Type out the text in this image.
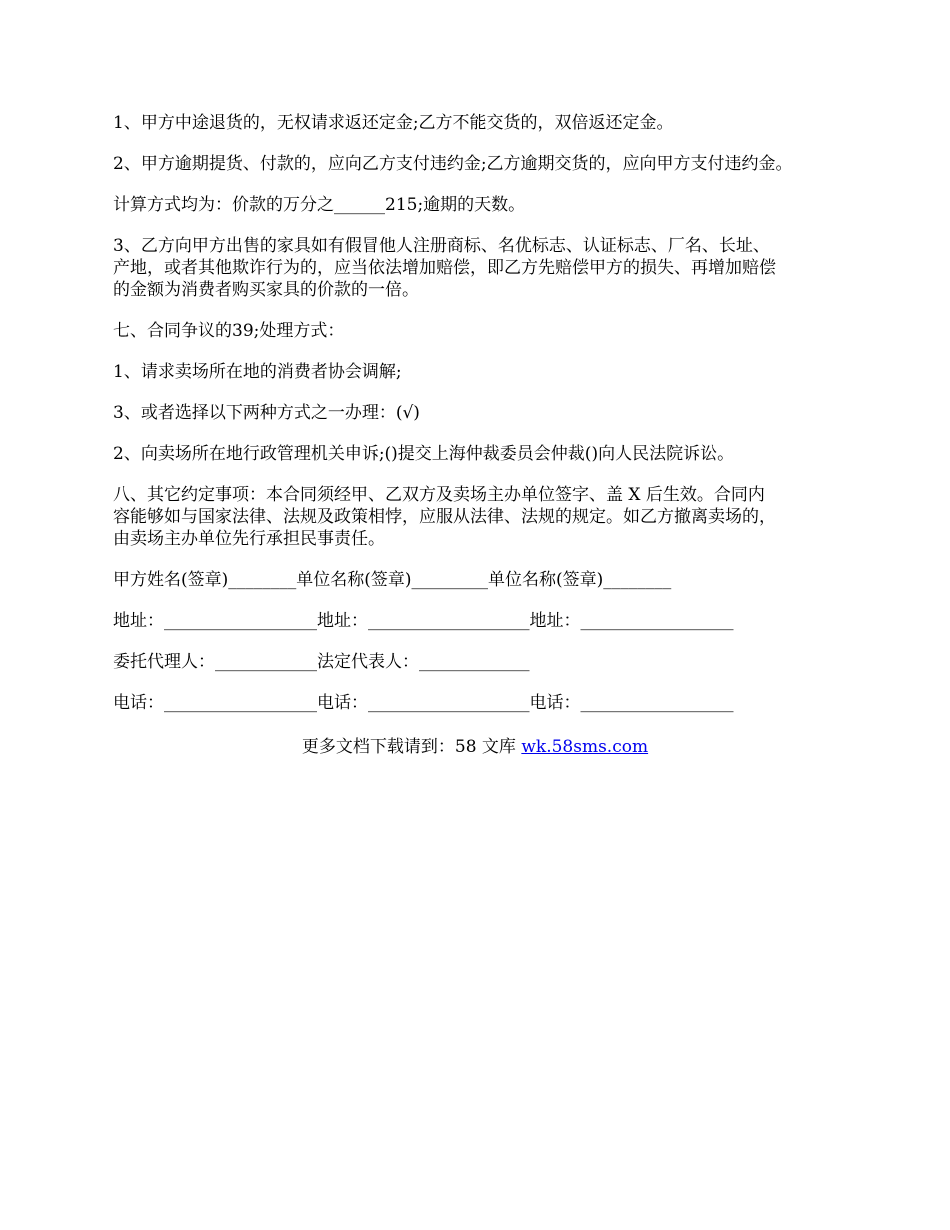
1、甲方中途退货的，无权请求返还定金;乙方不能交货的，双倍返还定金。

2、甲方逾期提货、付款的，应向乙方支付违约金;乙方逾期交货的，应向甲方支付违约金。

计算方式均为：价款的万分之______215;逾期的天数。

3、乙方向甲方出售的家具如有假冒他人注册商标、名优标志、认证标志、厂名、长址、
产地，或者其他欺诈行为的，应当依法增加赔偿，即乙方先赔偿甲方的损失、再增加赔偿
的金额为消费者购买家具的价款的一倍。

七、合同争议的39;处理方式：

1、请求卖场所在地的消费者协会调解;

3、或者选择以下两种方式之一办理：(√)

2、向卖场所在地行政管理机关申诉;()提交上海仲裁委员会仲裁()向人民法院诉讼。

八、其它约定事项：本合同须经甲、乙双方及卖场主办单位签字、盖 X 后生效。合同内
容能够如与国家法律、法规及政策相悖，应服从法律、法规的规定。如乙方撤离卖场的，
由卖场主办单位先行承担民事责任。

甲方姓名(签章)________单位名称(签章)_________单位名称(签章)________

地址：__________________地址：___________________地址：__________________

委托代理人：____________法定代表人：_____________

电话：__________________电话：___________________电话：__________________

更多文档下载请到：58 文库 wk.58sms.com
